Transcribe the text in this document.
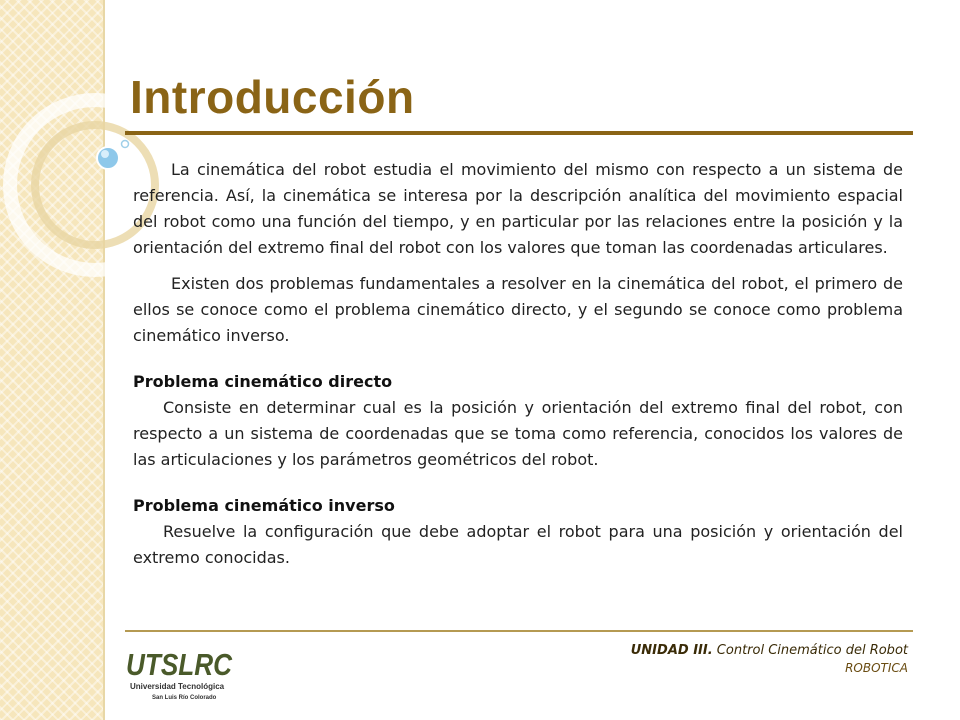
Introducción

La cinemática del robot estudia el movimiento del mismo con respecto a un sistema de referencia. Así, la cinemática se interesa por la descripción analítica del movimiento espacial del robot como una función del tiempo, y en particular por las relaciones entre la posición y la orientación del extremo final del robot con los valores que toman las coordenadas articulares.

Existen dos problemas fundamentales a resolver en la cinemática del robot, el primero de ellos se conoce como el problema cinemático directo, y el segundo se conoce como problema cinemático inverso.

Problema cinemático directo

Consiste en determinar cual es la posición y orientación del extremo final del robot, con respecto a un sistema de coordenadas que se toma como referencia, conocidos los valores de las articulaciones y los parámetros geométricos del robot.

Problema cinemático inverso

Resuelve la configuración que debe adoptar el robot para una posición y orientación del extremo conocidas.

UTSLRC
Universidad Tecnológica
San Luis Río Colorado
UNIDAD III. Control Cinemático del Robot
ROBOTICA
